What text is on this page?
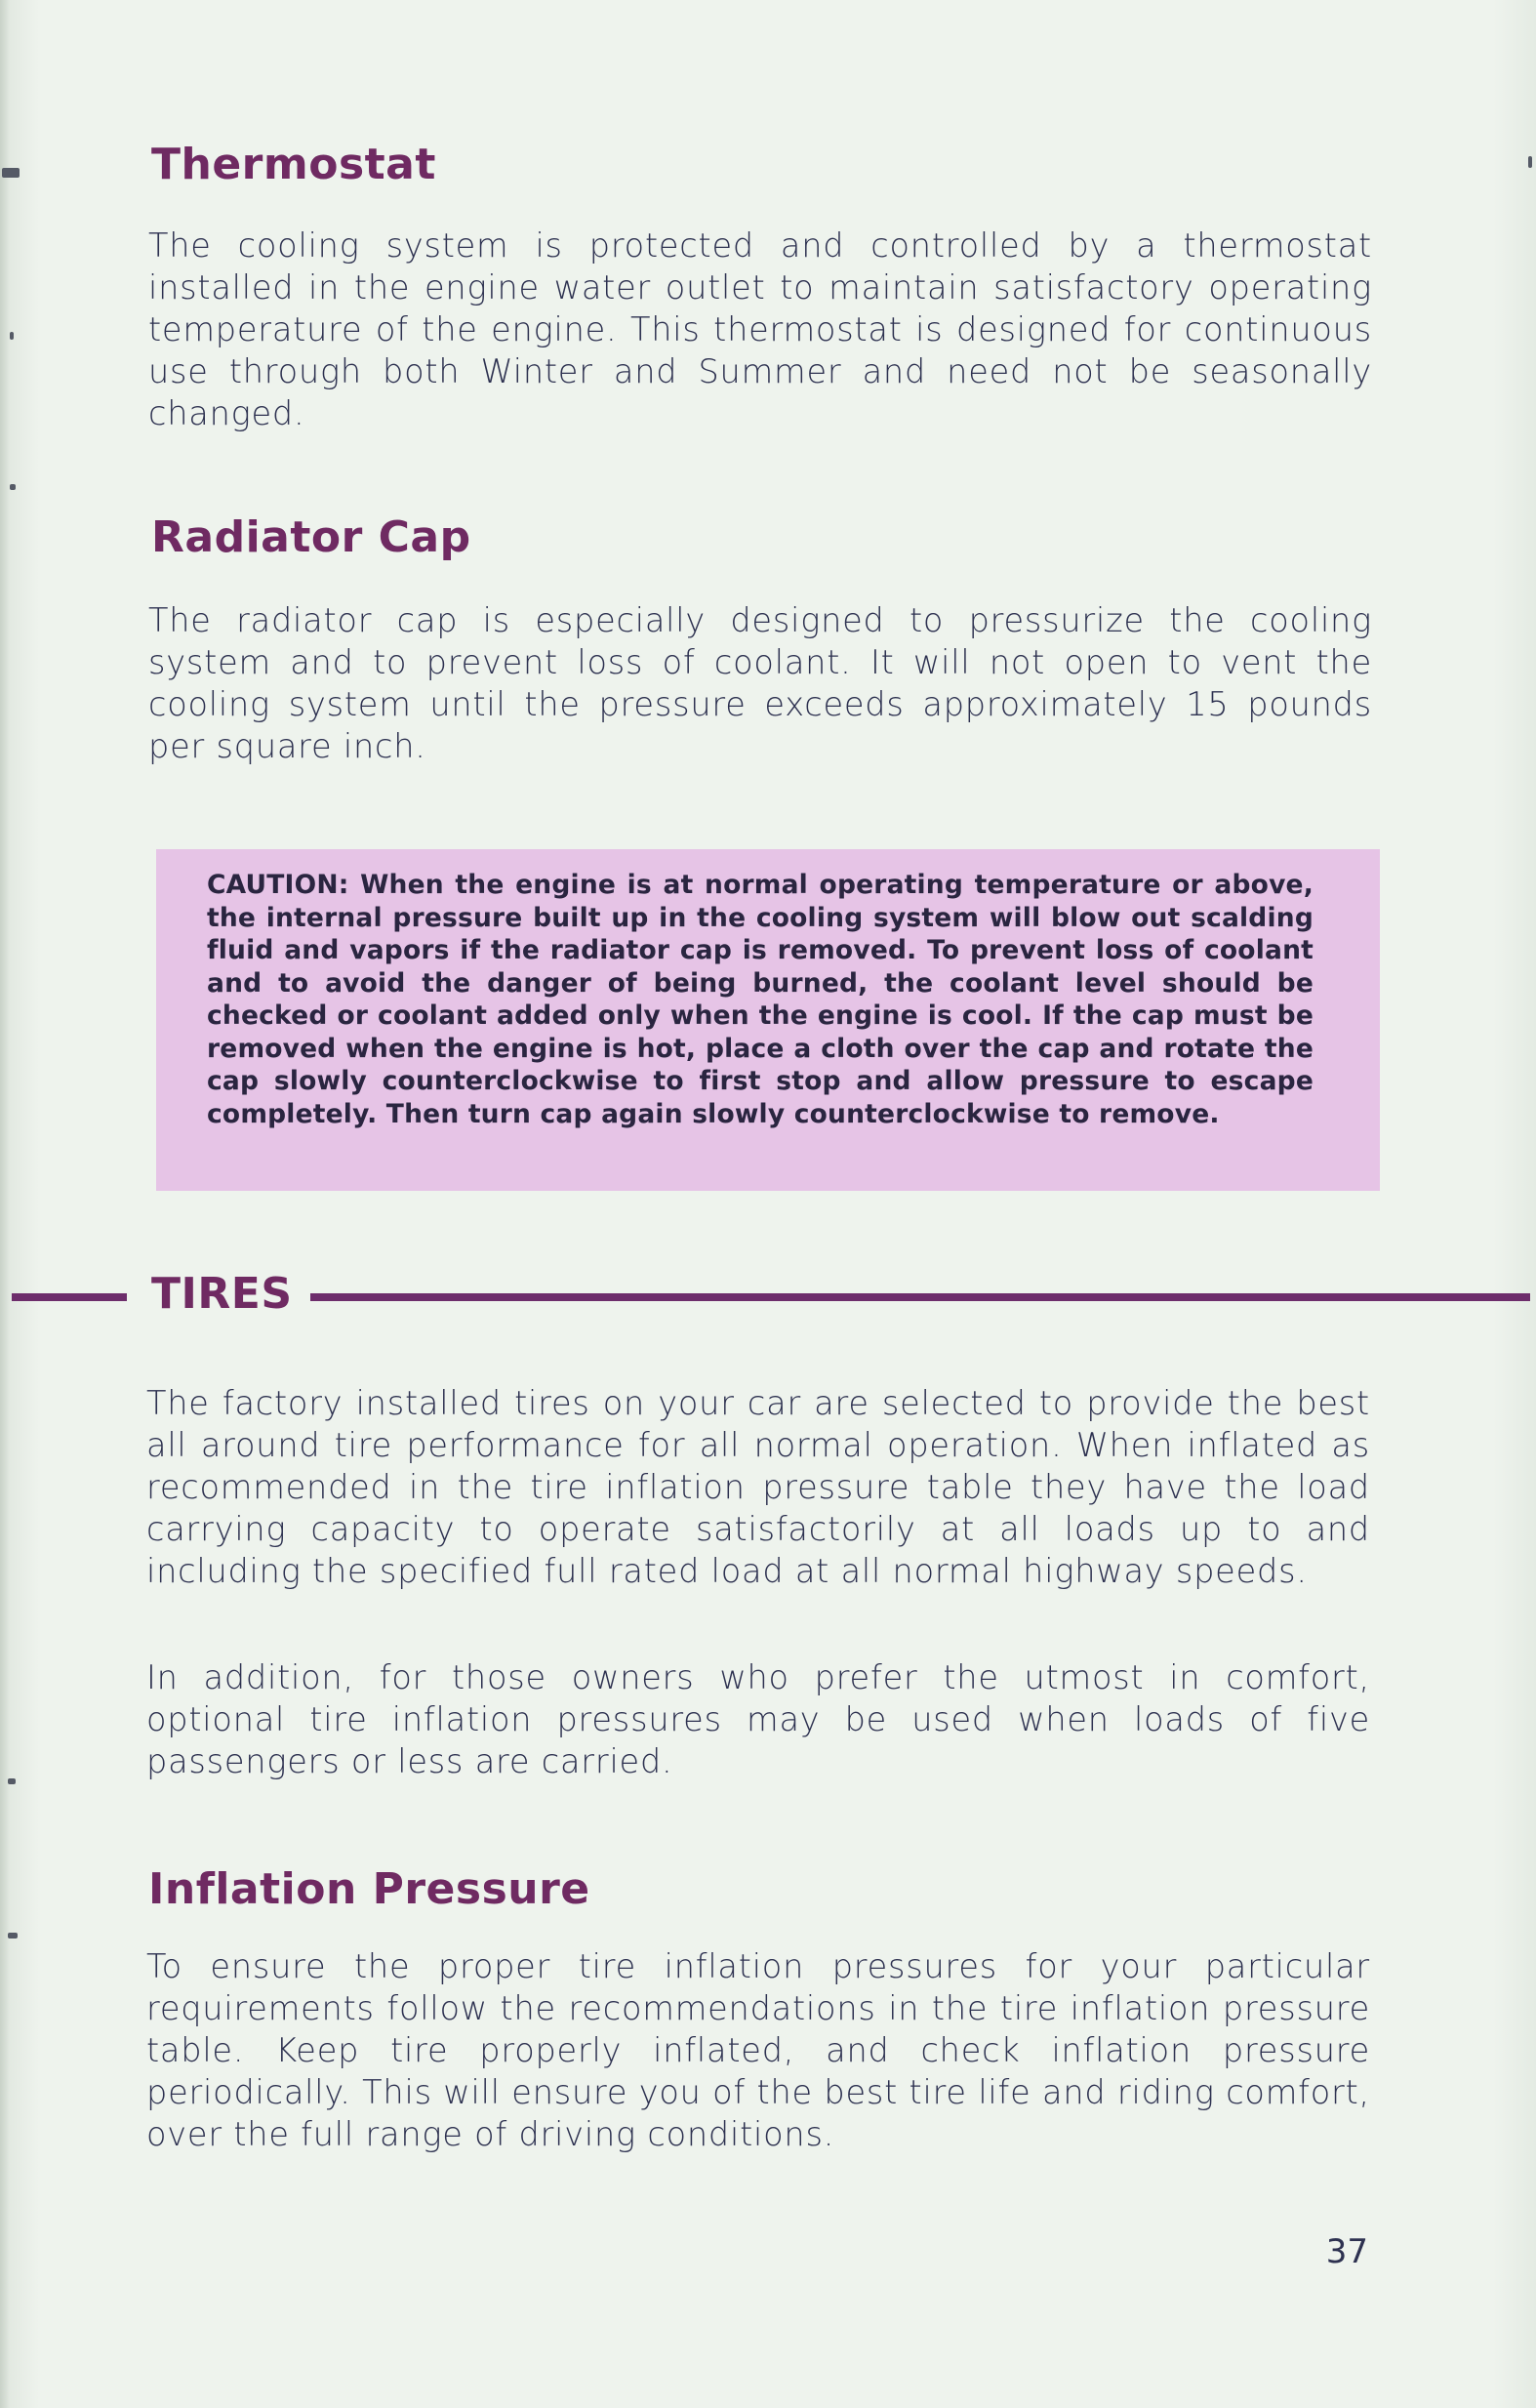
Thermostat

The cooling system is protected and controlled by a thermostat installed in the engine water outlet to maintain satisfactory operating temperature of the engine. This thermostat is designed for continuous use through both Winter and Summer and need not be seasonally changed.

Radiator Cap

The radiator cap is especially designed to pressurize the cooling system and to prevent loss of coolant. It will not open to vent the cooling system until the pressure exceeds approximately 15 pounds per square inch.

CAUTION: When the engine is at normal operating temperature or above, the internal pressure built up in the cooling system will blow out scalding fluid and vapors if the radiator cap is removed. To prevent loss of coolant and to avoid the danger of being burned, the coolant level should be checked or coolant added only when the engine is cool. If the cap must be removed when the engine is hot, place a cloth over the cap and rotate the cap slowly counterclockwise to first stop and allow pressure to escape completely. Then turn cap again slowly counterclockwise to remove.

TIRES

The factory installed tires on your car are selected to provide the best all around tire performance for all normal operation. When inflated as recommended in the tire inflation pressure table they have the load carrying capacity to operate satisfactorily at all loads up to and including the specified full rated load at all normal highway speeds.

In addition, for those owners who prefer the utmost in comfort, optional tire inflation pressures may be used when loads of five passengers or less are carried.

Inflation Pressure

To ensure the proper tire inflation pressures for your particular requirements follow the recommendations in the tire inflation pressure table. Keep tire properly inflated, and check inflation pressure periodically. This will ensure you of the best tire life and riding comfort, over the full range of driving conditions.

37
